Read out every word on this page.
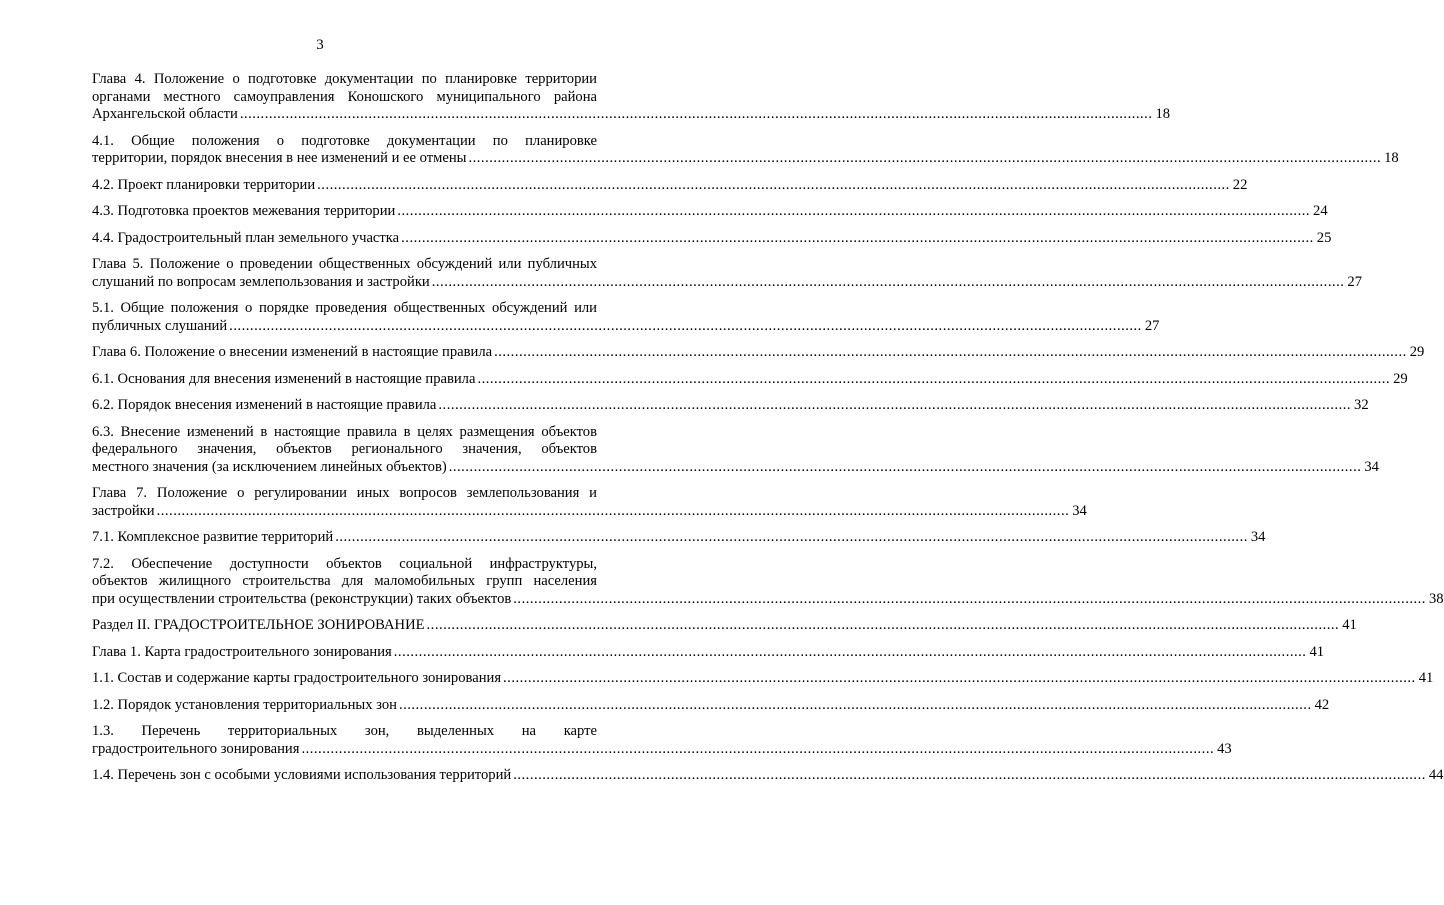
3
Глава 4. Положение о подготовке документации по планировке территории
органами местного самоуправления Коношского муниципального района
Архангельской области ............................................................................................................................................................................................................................ 18
4.1. Общие положения о подготовке документации по планировке
территории, порядок внесения в нее изменений и ее отмены ............................................................................................................................................................................................................................ 18
4.2. Проект планировки территории ............................................................................................................................................................................................................................ 22
4.3. Подготовка проектов межевания территории ............................................................................................................................................................................................................................ 24
4.4. Градостроительный план земельного участка ............................................................................................................................................................................................................................ 25
Глава 5. Положение о проведении общественных обсуждений или публичных
слушаний по вопросам землепользования и застройки ............................................................................................................................................................................................................................ 27
5.1. Общие положения о порядке проведения общественных обсуждений или
публичных слушаний ............................................................................................................................................................................................................................ 27
Глава 6. Положение о внесении изменений в настоящие правила ............................................................................................................................................................................................................................ 29
6.1. Основания для внесения изменений в настоящие правила ............................................................................................................................................................................................................................ 29
6.2. Порядок внесения изменений в настоящие правила ............................................................................................................................................................................................................................ 32
6.3. Внесение изменений в настоящие правила в целях размещения объектов
федерального значения, объектов регионального значения, объектов
местного значения (за исключением линейных объектов) ............................................................................................................................................................................................................................ 34
Глава 7. Положение о регулировании иных вопросов землепользования и
застройки ............................................................................................................................................................................................................................ 34
7.1. Комплексное развитие территорий ............................................................................................................................................................................................................................ 34
7.2. Обеспечение доступности объектов социальной инфраструктуры,
объектов жилищного строительства для маломобильных групп населения
при осуществлении строительства (реконструкции) таких объектов ............................................................................................................................................................................................................................ 38
Раздел II. ГРАДОСТРОИТЕЛЬНОЕ ЗОНИРОВАНИЕ ............................................................................................................................................................................................................................ 41
Глава 1. Карта градостроительного зонирования ............................................................................................................................................................................................................................ 41
1.1. Состав и содержание карты градостроительного зонирования ............................................................................................................................................................................................................................ 41
1.2. Порядок установления территориальных зон ............................................................................................................................................................................................................................ 42
1.3. Перечень территориальных зон, выделенных на карте
градостроительного зонирования ............................................................................................................................................................................................................................ 43
1.4. Перечень зон с особыми условиями использования территорий ............................................................................................................................................................................................................................ 44
